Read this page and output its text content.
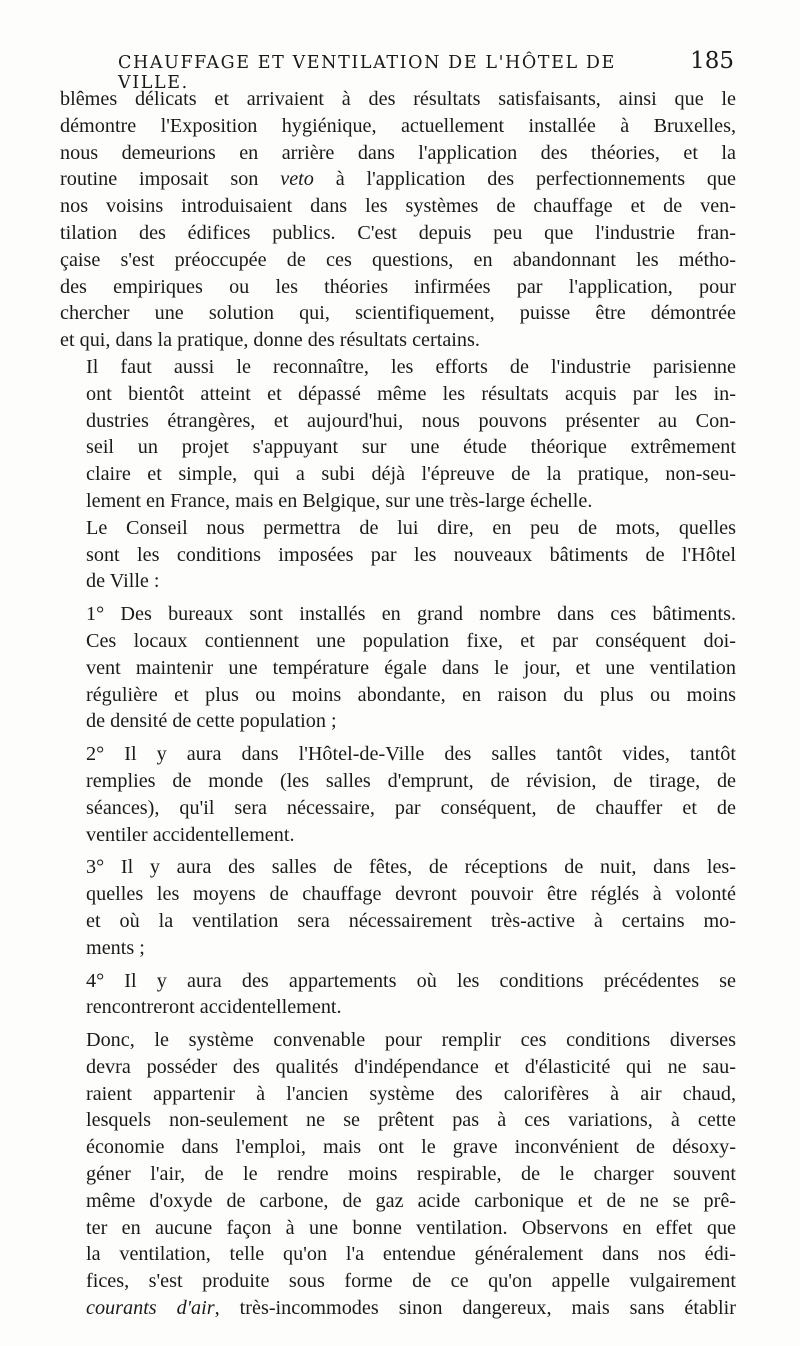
CHAUFFAGE ET VENTILATION DE L'HÔTEL DE VILLE.
185

blêmes délicats et arrivaient à des résultats satisfaisants, ainsi que le
démontre l'Exposition hygiénique, actuellement installée à Bruxelles,
nous demeurions en arrière dans l'application des théories, et la
routine imposait son veto à l'application des perfectionnements que
nos voisins introduisaient dans les systèmes de chauffage et de ven-
tilation des édifices publics. C'est depuis peu que l'industrie fran-
çaise s'est préoccupée de ces questions, en abandonnant les métho-
des empiriques ou les théories infirmées par l'application, pour
chercher une solution qui, scientifiquement, puisse être démontrée
et qui, dans la pratique, donne des résultats certains.

Il faut aussi le reconnaître, les efforts de l'industrie parisienne
ont bientôt atteint et dépassé même les résultats acquis par les in-
dustries étrangères, et aujourd'hui, nous pouvons présenter au Con-
seil un projet s'appuyant sur une étude théorique extrêmement
claire et simple, qui a subi déjà l'épreuve de la pratique, non-seu-
lement en France, mais en Belgique, sur une très-large échelle.

Le Conseil nous permettra de lui dire, en peu de mots, quelles
sont les conditions imposées par les nouveaux bâtiments de l'Hôtel
de Ville :

1° Des bureaux sont installés en grand nombre dans ces bâtiments.
Ces locaux contiennent une population fixe, et par conséquent doi-
vent maintenir une température égale dans le jour, et une ventilation
régulière et plus ou moins abondante, en raison du plus ou moins
de densité de cette population ;

2° Il y aura dans l'Hôtel-de-Ville des salles tantôt vides, tantôt
remplies de monde (les salles d'emprunt, de révision, de tirage, de
séances), qu'il sera nécessaire, par conséquent, de chauffer et de
ventiler accidentellement.

3° Il y aura des salles de fêtes, de réceptions de nuit, dans les-
quelles les moyens de chauffage devront pouvoir être réglés à volonté
et où la ventilation sera nécessairement très-active à certains mo-
ments ;

4° Il y aura des appartements où les conditions précédentes se
rencontreront accidentellement.

Donc, le système convenable pour remplir ces conditions diverses
devra posséder des qualités d'indépendance et d'élasticité qui ne sau-
raient appartenir à l'ancien système des calorifères à air chaud,
lesquels non-seulement ne se prêtent pas à ces variations, à cette
économie dans l'emploi, mais ont le grave inconvénient de désoxy-
géner l'air, de le rendre moins respirable, de le charger souvent
même d'oxyde de carbone, de gaz acide carbonique et de ne se prê-
ter en aucune façon à une bonne ventilation. Observons en effet que
la ventilation, telle qu'on l'a entendue généralement dans nos édi-
fices, s'est produite sous forme de ce qu'on appelle vulgairement
courants d'air, très-incommodes sinon dangereux, mais sans établir
